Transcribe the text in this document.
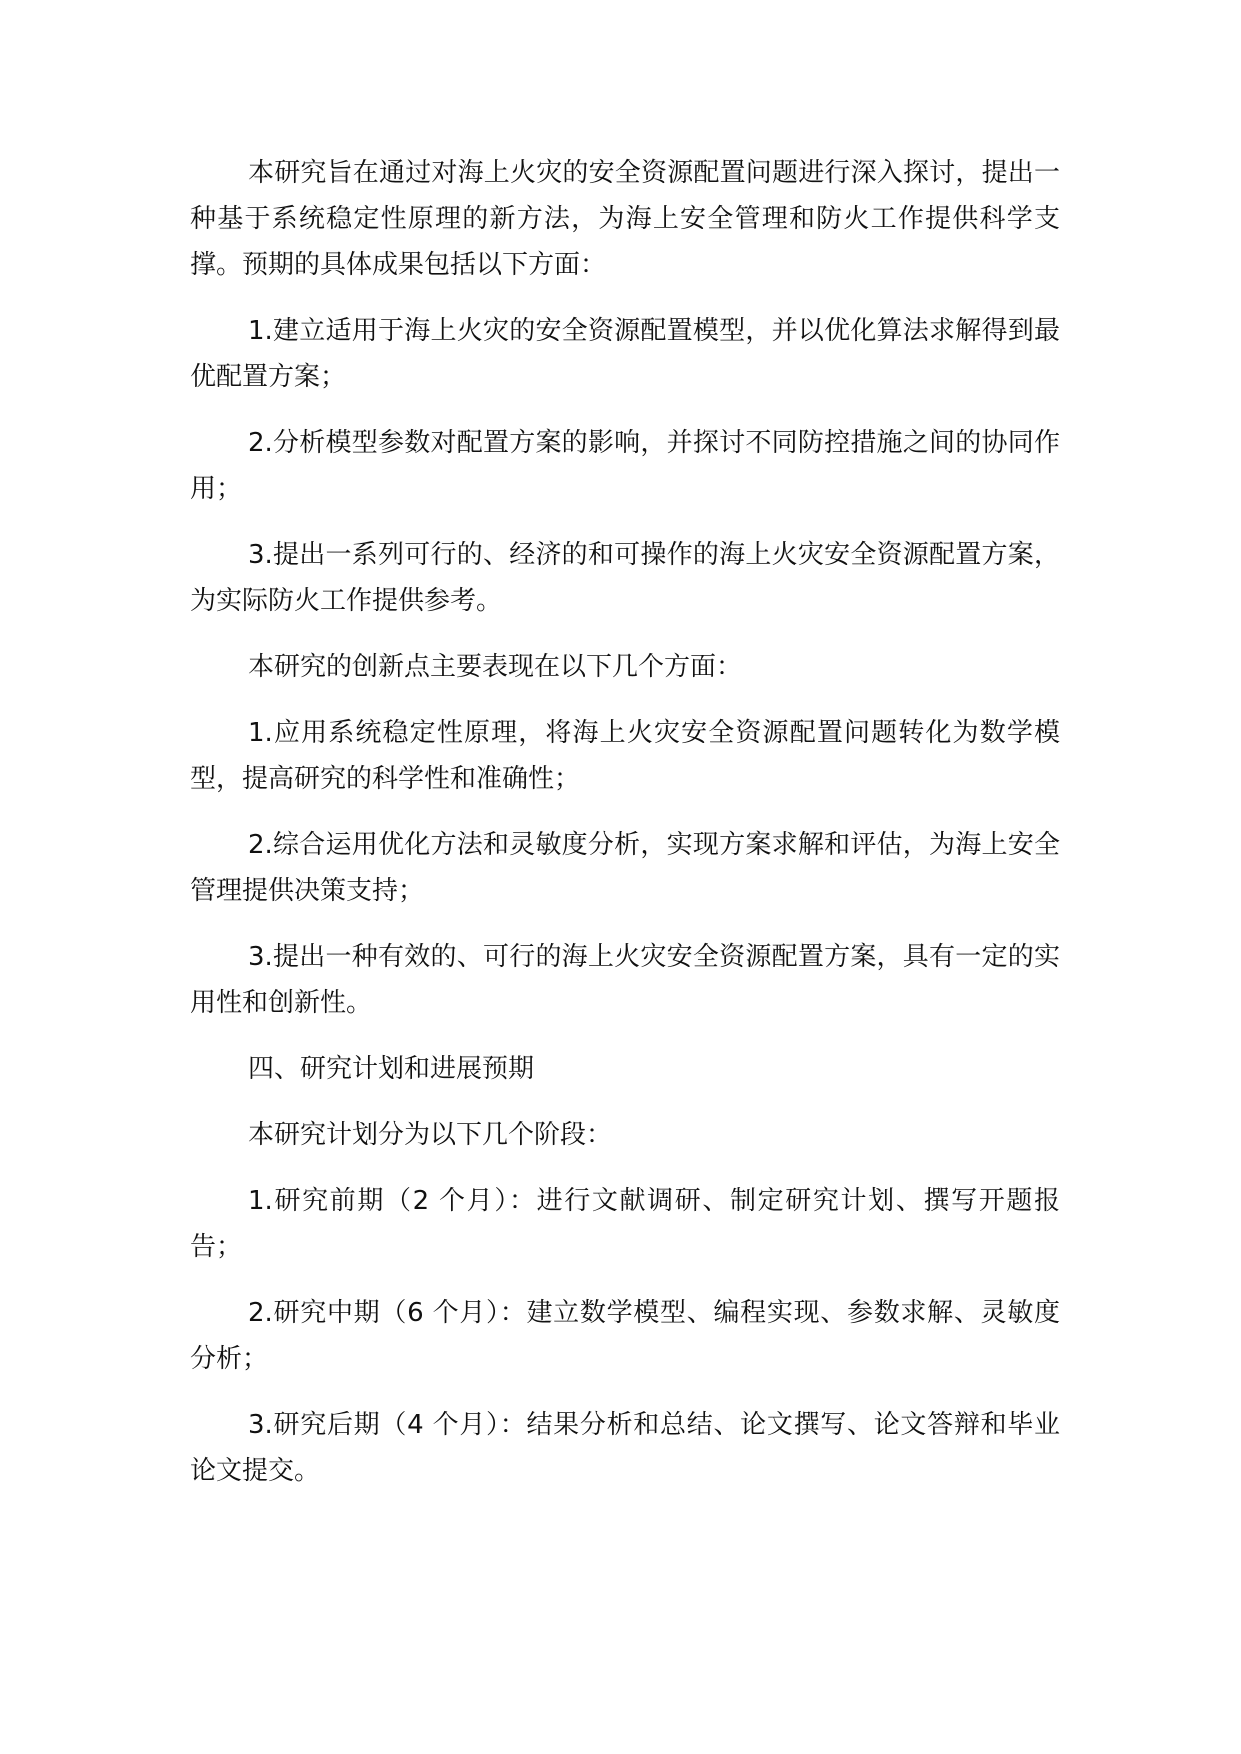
本研究旨在通过对海上火灾的安全资源配置问题进行深入探讨，提出一种基于系统稳定性原理的新方法，为海上安全管理和防火工作提供科学支撑。预期的具体成果包括以下方面：

1.建立适用于海上火灾的安全资源配置模型，并以优化算法求解得到最优配置方案；

2.分析模型参数对配置方案的影响，并探讨不同防控措施之间的协同作用；

3.提出一系列可行的、经济的和可操作的海上火灾安全资源配置方案，为实际防火工作提供参考。

本研究的创新点主要表现在以下几个方面：

1.应用系统稳定性原理，将海上火灾安全资源配置问题转化为数学模型，提高研究的科学性和准确性；

2.综合运用优化方法和灵敏度分析，实现方案求解和评估，为海上安全管理提供决策支持；

3.提出一种有效的、可行的海上火灾安全资源配置方案，具有一定的实用性和创新性。

四、研究计划和进展预期

本研究计划分为以下几个阶段：

1.研究前期（2 个月）：进行文献调研、制定研究计划、撰写开题报告；

2.研究中期（6 个月）：建立数学模型、编程实现、参数求解、灵敏度分析；

3.研究后期（4 个月）：结果分析和总结、论文撰写、论文答辩和毕业论文提交。
